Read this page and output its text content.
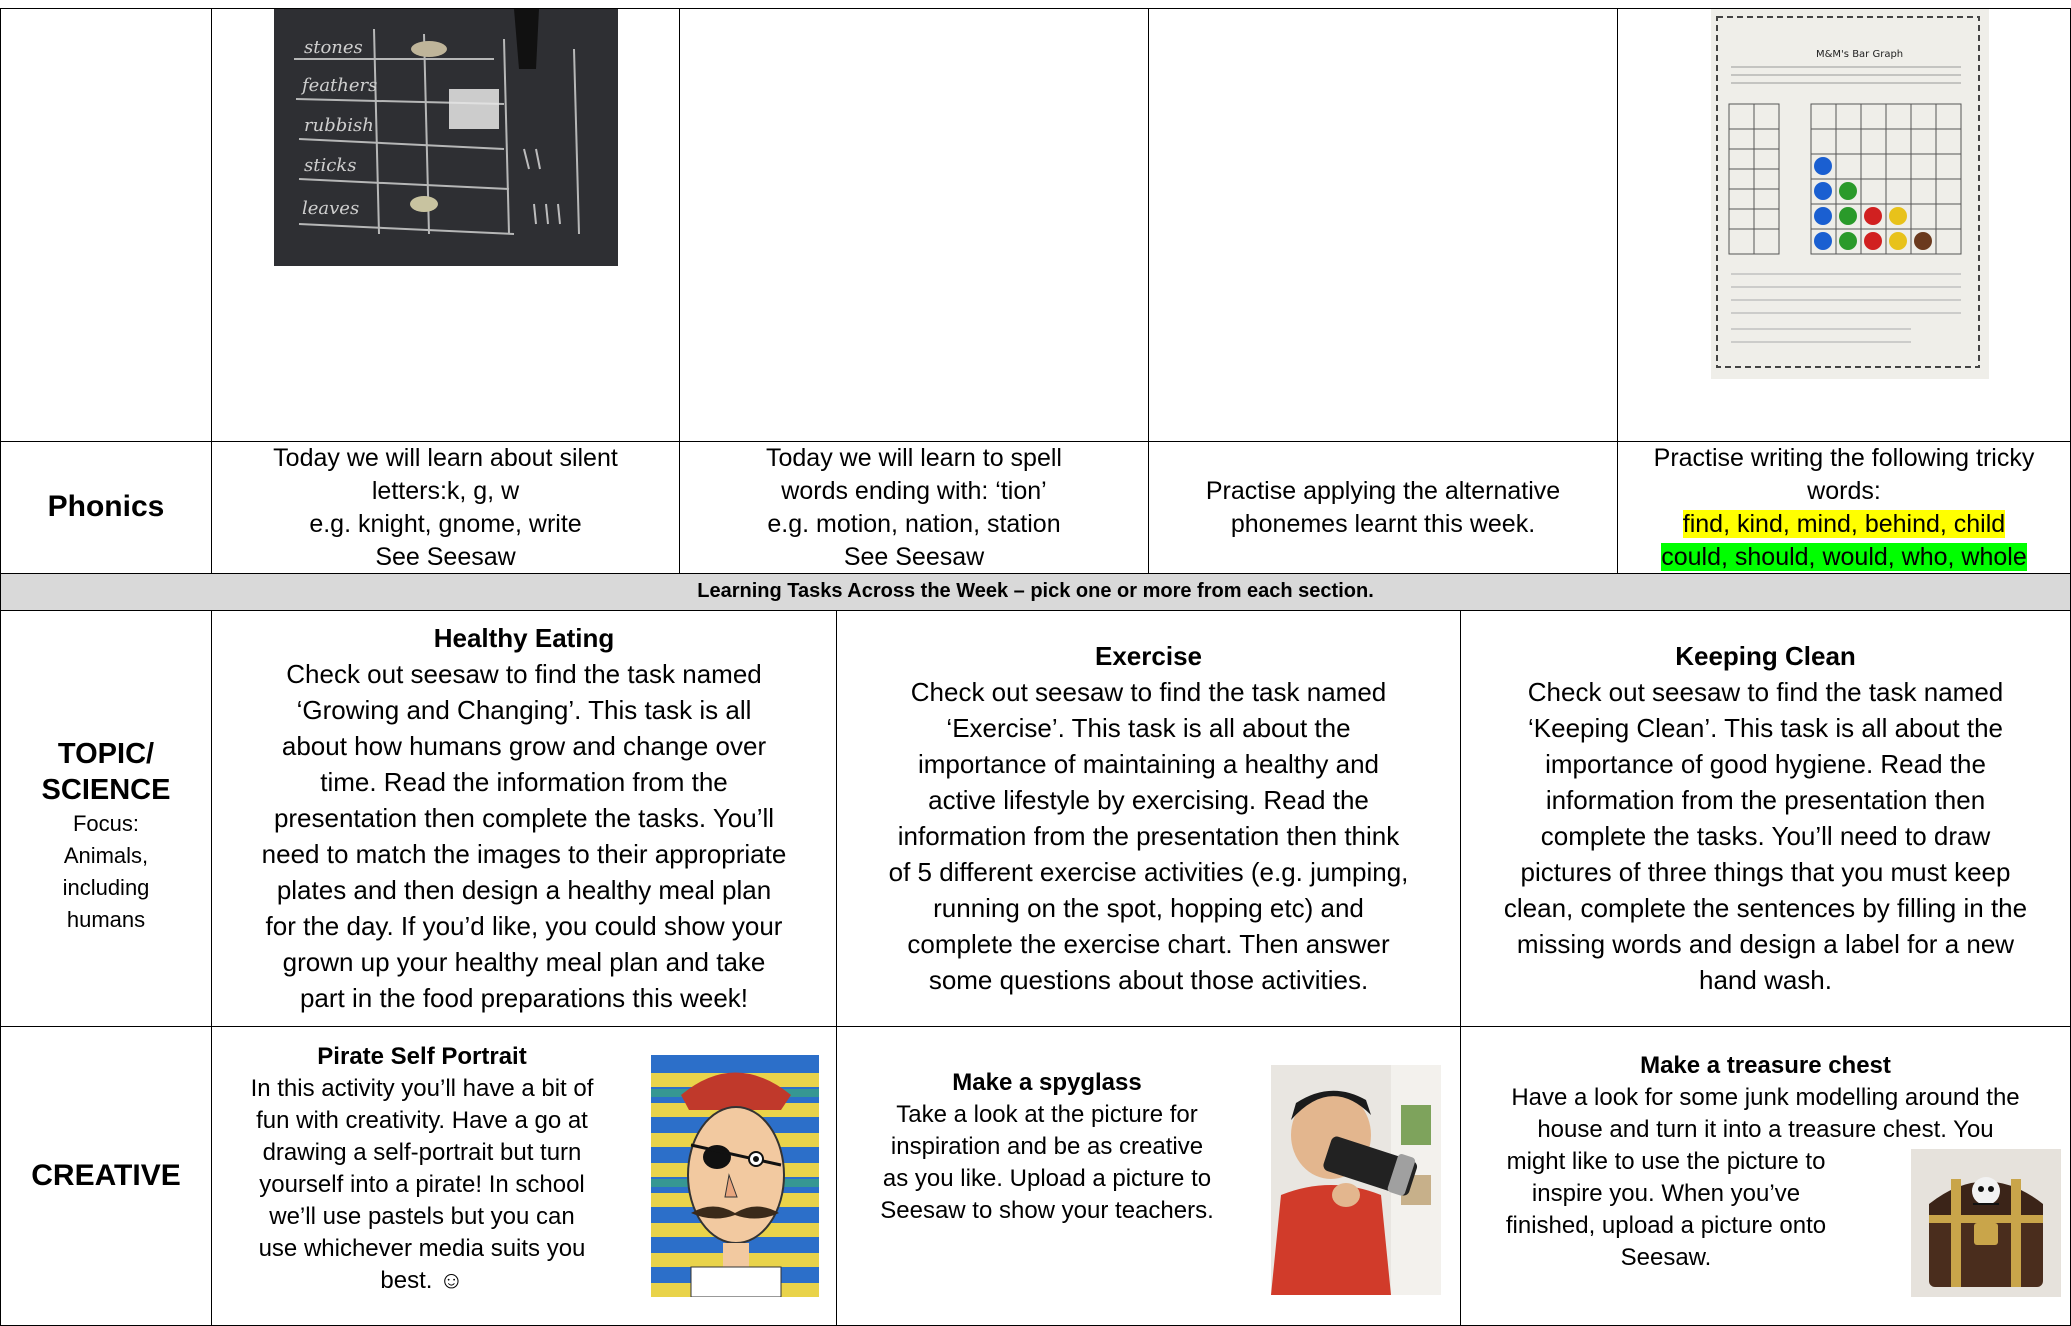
stones
feathers
rubbish
sticks
leaves
M&M's Bar Graph
Phonics
Today we will learn about silent
letters:k, g, w
e.g. knight, gnome, write
See Seesaw
Today we will learn to spell
words ending with: ‘tion’
e.g. motion, nation, station
See Seesaw
Practise applying the alternative
phonemes learnt this week.
Practise writing the following tricky
words:
find, kind, mind, behind, child
could, should, would, who, whole
Learning Tasks Across the Week – pick one or more from each section.
TOPIC/
SCIENCE
Focus:
Animals,
including
humans
Healthy Eating
Check out seesaw to find the task named
‘Growing and Changing’. This task is all
about how humans grow and change over
time. Read the information from the
presentation then complete the tasks. You’ll
need to match the images to their appropriate
plates and then design a healthy meal plan
for the day. If you’d like, you could show your
grown up your healthy meal plan and take
part in the food preparations this week!
Exercise
Check out seesaw to find the task named
‘Exercise’. This task is all about the
importance of maintaining a healthy and
active lifestyle by exercising. Read the
information from the presentation then think
of 5 different exercise activities (e.g. jumping,
running on the spot, hopping etc) and
complete the exercise chart. Then answer
some questions about those activities.
Keeping Clean
Check out seesaw to find the task named
‘Keeping Clean’. This task is all about the
importance of good hygiene. Read the
information from the presentation then
complete the tasks. You’ll need to draw
pictures of three things that you must keep
clean, complete the sentences by filling in the
missing words and design a label for a new
hand wash.
CREATIVE
Pirate Self Portrait
In this activity you’ll have a bit of
fun with creativity. Have a go at
drawing a self-portrait but turn
yourself into a pirate! In school
we’ll use pastels but you can
use whichever media suits you
best. ☺
Make a spyglass
Take a look at the picture for
inspiration and be as creative
as you like. Upload a picture to
Seesaw to show your teachers.
Make a treasure chest
Have a look for some junk modelling around the
house and turn it into a treasure chest. You
might like to use the picture to
inspire you. When you’ve
finished, upload a picture onto
Seesaw.
